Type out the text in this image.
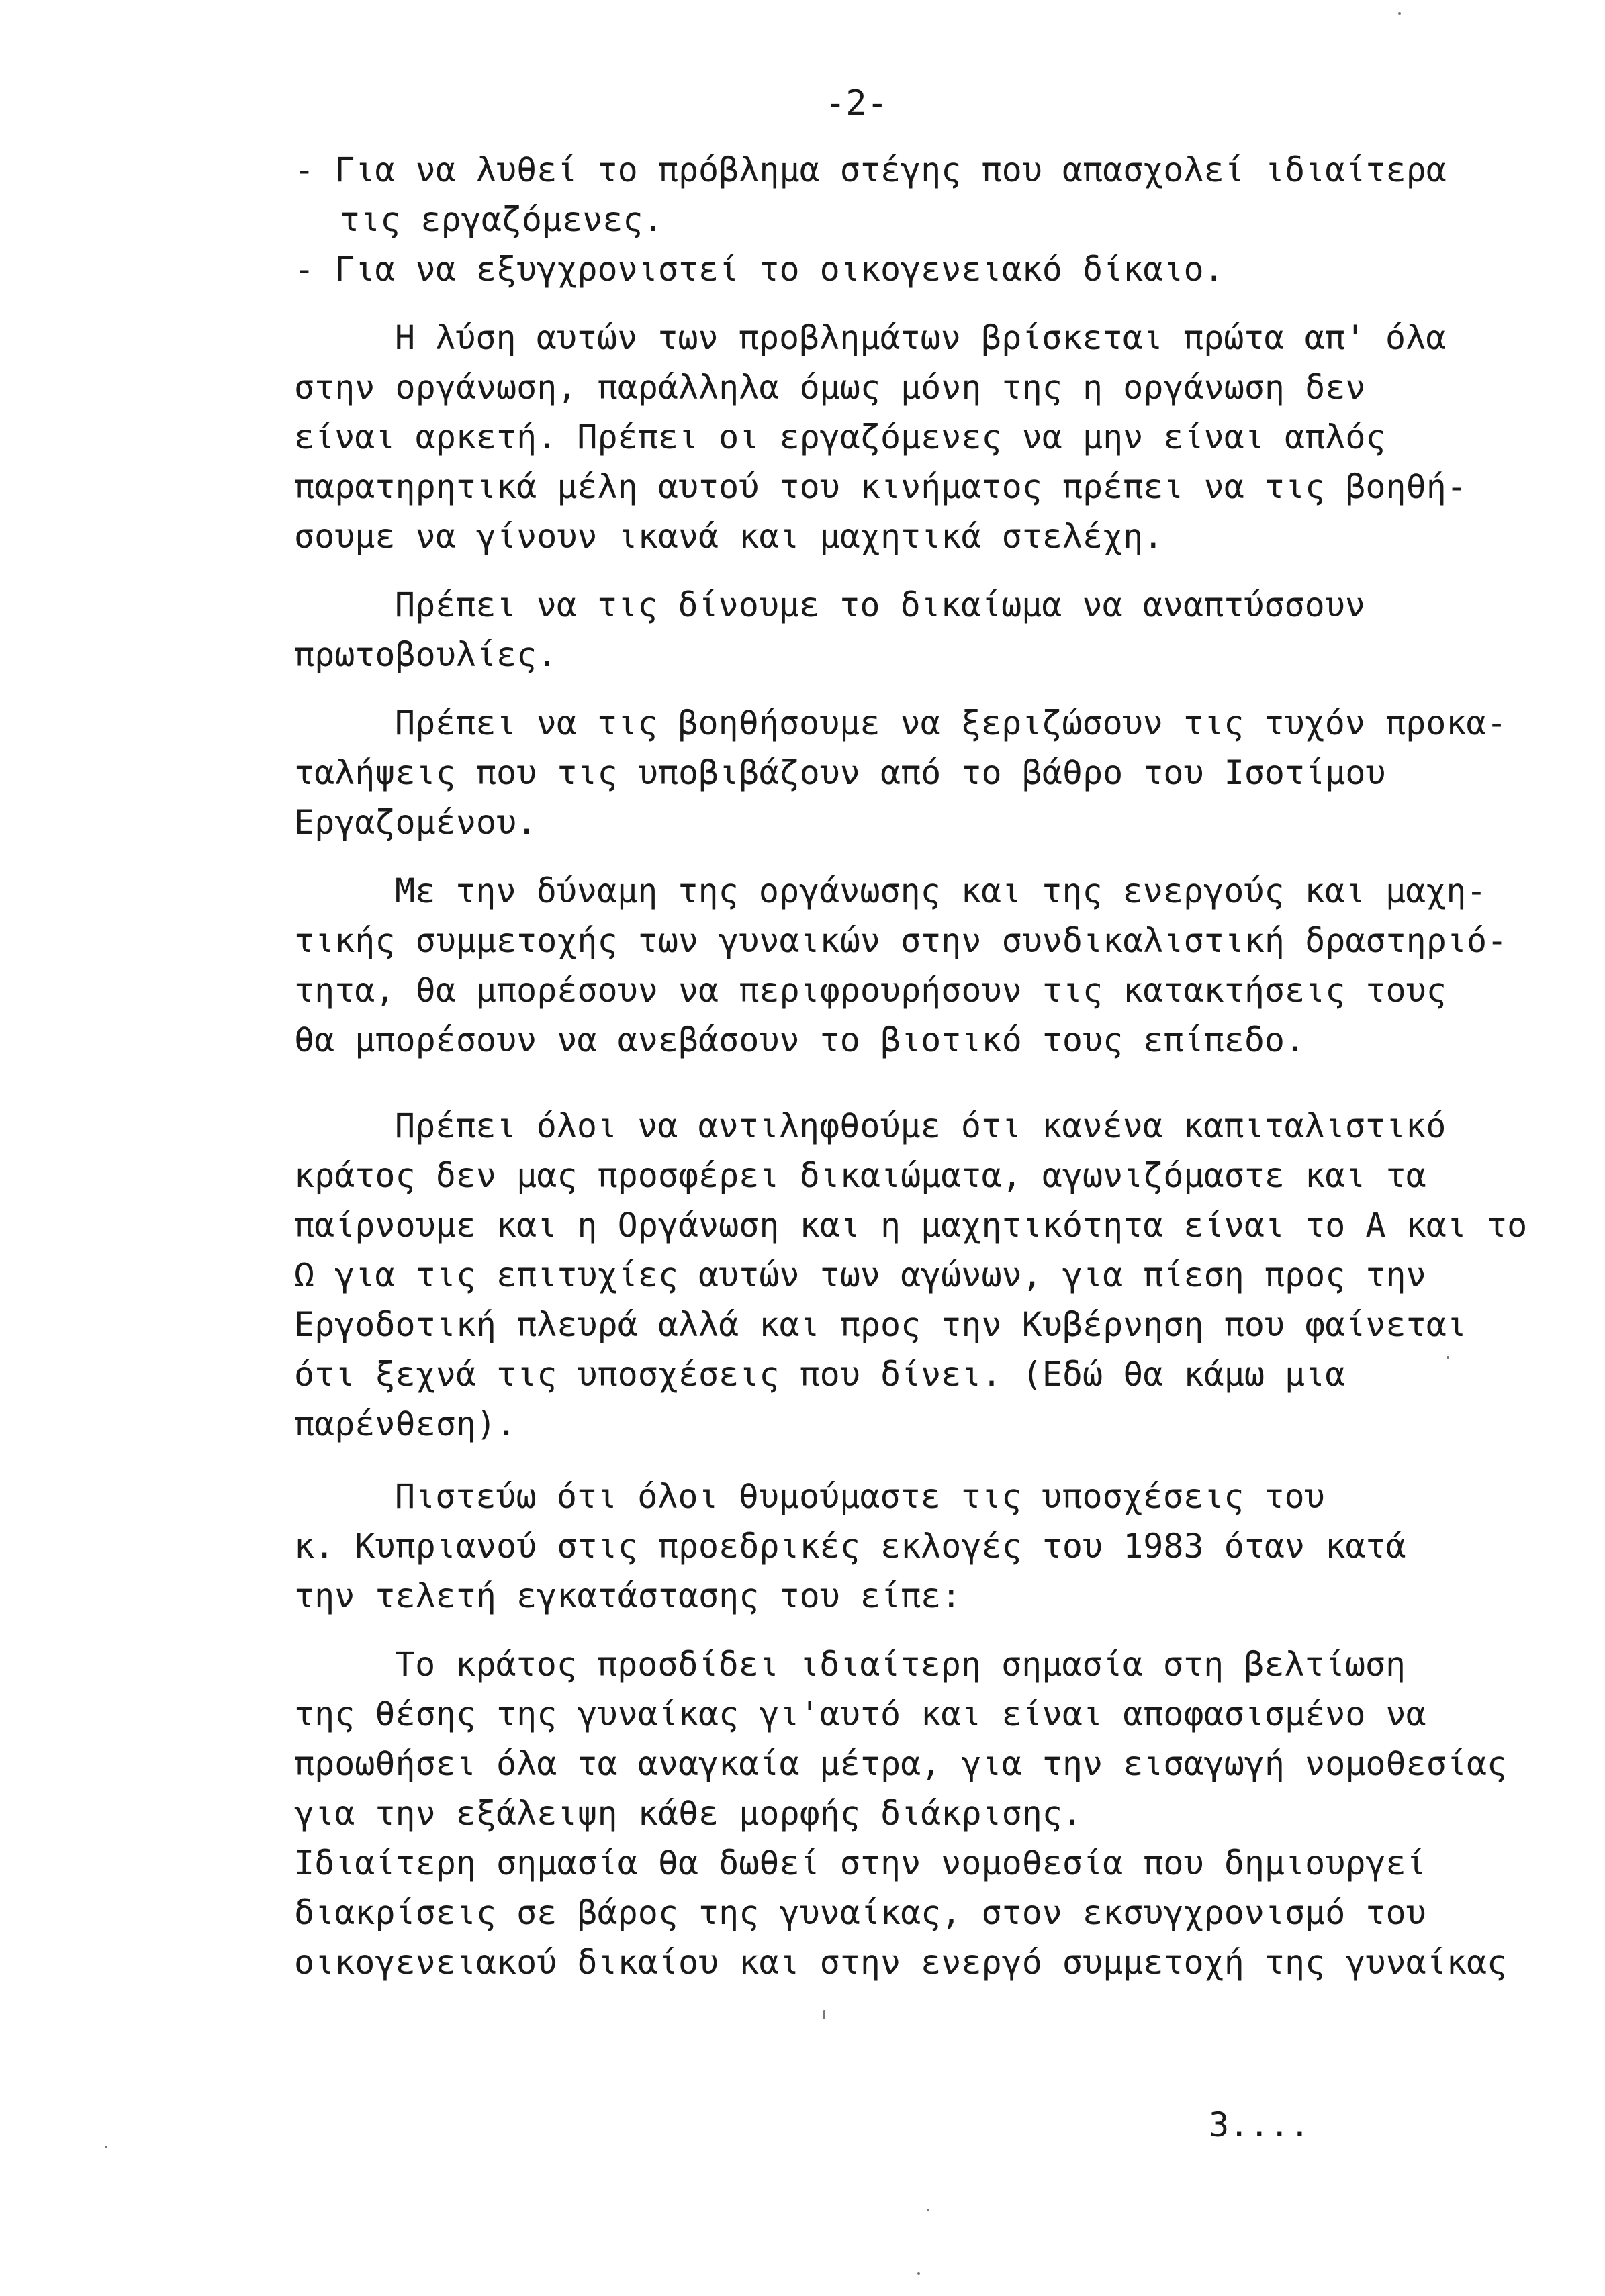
-2-
- Για να λυθεί το πρόβλημα στέγης που απασχολεί ιδιαίτερα
τις εργαζόμενες.
- Για να εξυγχρονιστεί το οικογενειακό δίκαιο.
Η λύση αυτών των προβλημάτων βρίσκεται πρώτα απ' όλα
στην οργάνωση, παράλληλα όμως μόνη της η οργάνωση δεν
είναι αρκετή. Πρέπει οι εργαζόμενες να μην είναι απλός
παρατηρητικά μέλη αυτού του κινήματος πρέπει να τις βοηθή-
σουμε να γίνουν ικανά και μαχητικά στελέχη.
Πρέπει να τις δίνουμε το δικαίωμα να αναπτύσσουν
πρωτοβουλίες.
Πρέπει να τις βοηθήσουμε να ξεριζώσουν τις τυχόν προκα-
ταλήψεις που τις υποβιβάζουν από το βάθρο του Ισοτίμου
Εργαζομένου.
Με την δύναμη της οργάνωσης και της ενεργούς και μαχη-
τικής συμμετοχής των γυναικών στην συνδικαλιστική δραστηριό-
τητα, θα μπορέσουν να περιφρουρήσουν τις κατακτήσεις τους
θα μπορέσουν να ανεβάσουν το βιοτικό τους επίπεδο.
Πρέπει όλοι να αντιληφθούμε ότι κανένα καπιταλιστικό
κράτος δεν μας προσφέρει δικαιώματα, αγωνιζόμαστε και τα
παίρνουμε και η Οργάνωση και η μαχητικότητα είναι το Α και το
Ω για τις επιτυχίες αυτών των αγώνων, για πίεση προς την
Εργοδοτική πλευρά αλλά και προς την Κυβέρνηση που φαίνεται
ότι ξεχνά τις υποσχέσεις που δίνει. (Εδώ θα κάμω μια
παρένθεση).
Πιστεύω ότι όλοι θυμούμαστε τις υποσχέσεις του
κ. Κυπριανού στις προεδρικές εκλογές του 1983 όταν κατά
την τελετή εγκατάστασης του είπε:
Το κράτος προσδίδει ιδιαίτερη σημασία στη βελτίωση
της θέσης της γυναίκας γι'αυτό και είναι αποφασισμένο να
προωθήσει όλα τα αναγκαία μέτρα, για την εισαγωγή νομοθεσίας
για την εξάλειψη κάθε μορφής διάκρισης.
Ιδιαίτερη σημασία θα δωθεί στην νομοθεσία που δημιουργεί
διακρίσεις σε βάρος της γυναίκας, στον εκσυγχρονισμό του
οικογενειακού δικαίου και στην ενεργό συμμετοχή της γυναίκας
3....
